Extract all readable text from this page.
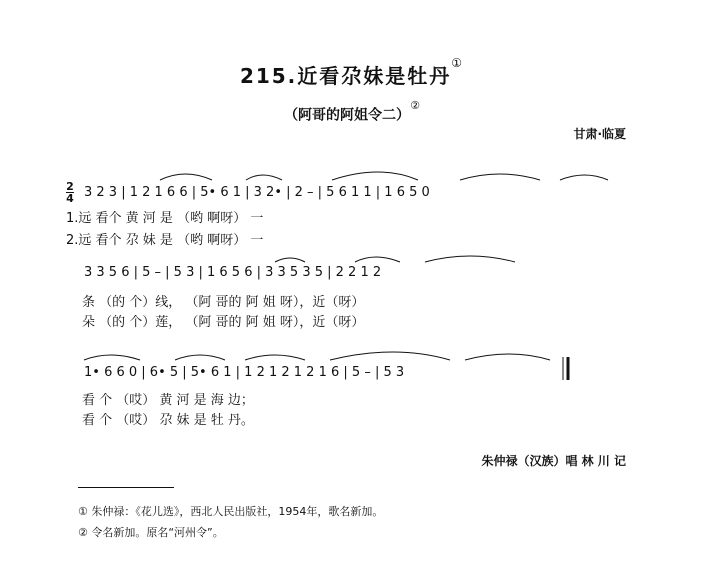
215.近看尕妹是牡丹①
（阿哥的阿姐令二）②
甘肃·临夏
2
4 3 2 3 | 1 2 1 6 6 | 5• 6 1 | 3 2• | 2 – | 5 6 1 1 | 1 6 5 0
1.远 看个 黄 河 是 （哟 啊呀） 一
2.远 看个 尕 妹 是 （哟 啊呀） 一
3 3 5 6 | 5 – | 5 3 | 1 6 5 6 | 3 3 5 3 5 | 2 2 1 2
条 （的 个）线， （阿 哥的 阿 姐 呀），近（呀）
朵 （的 个）莲， （阿 哥的 阿 姐 呀），近（呀）
1• 6 6 0 | 6• 5 | 5• 6 1 | 1 2 1 2 1 2 1 6 | 5 – | 5 3
看 个 （哎） 黄 河 是 海 边；
看 个 （哎） 尕 妹 是 牡 丹。
朱仲禄（汉族）唱 林 川 记
① 朱仲禄：《花儿选》，西北人民出版社，1954年，歌名新加。
② 令名新加。原名“河州令”。
